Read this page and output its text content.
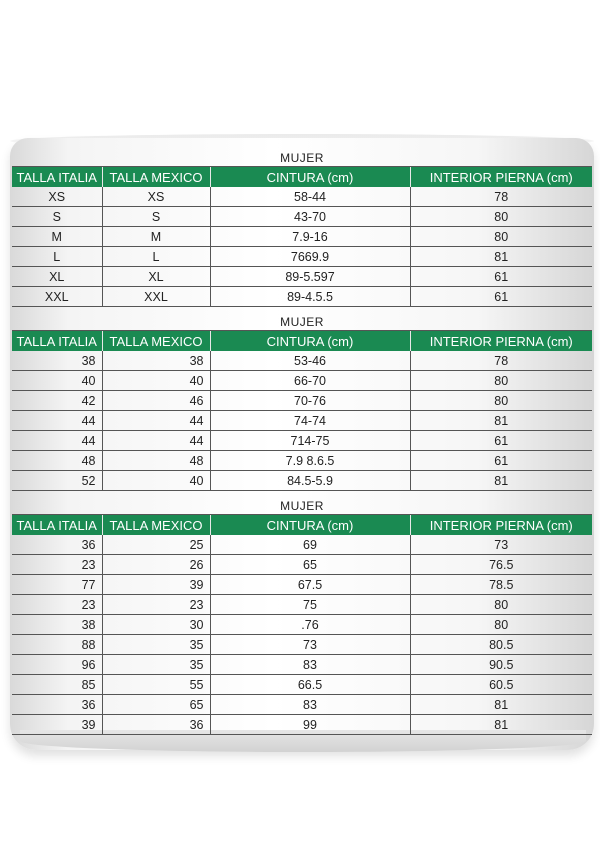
MUJER
TALLA ITALIA	TALLA MEXICO	CINTURA (cm)	INTERIOR PIERNA (cm)
XS	XS	58-44	78
S	S	43-70	80
M	M	7.9-16	80
L	L	7669.9	81
XL	XL	89-5.597	61
XXL	XXL	89-4.5.5	61
MUJER
TALLA ITALIA	TALLA MEXICO	CINTURA (cm)	INTERIOR PIERNA (cm)
38	38	53-46	78
40	40	66-70	80
42	46	70-76	80
44	44	74-74	81
44	44	714-75	61
48	48	7.9 8.6.5	61
52	40	84.5-5.9	81
MUJER
TALLA ITALIA	TALLA MEXICO	CINTURA (cm)	INTERIOR PIERNA (cm)
36	25	69	73
23	26	65	76.5
77	39	67.5	78.5
23	23	75	80
38	30	.76	80
88	35	73	80.5
96	35	83	90.5
85	55	66.5	60.5
36	65	83	81
39	36	99	81
